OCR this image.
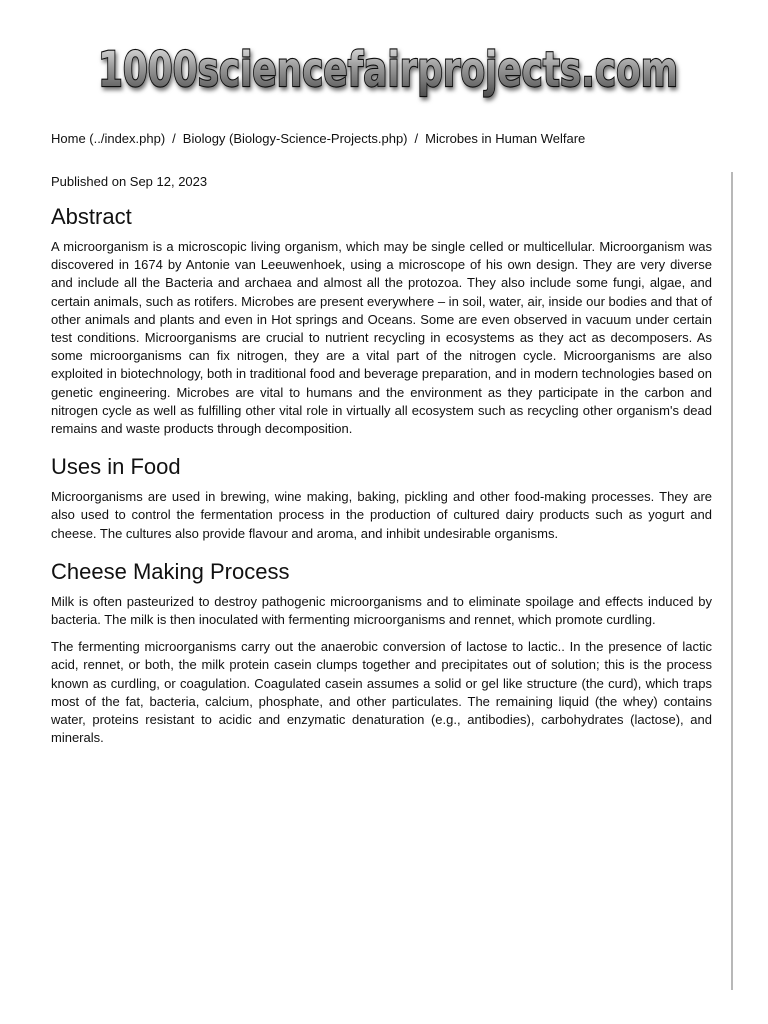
1000sciencefairprojects.com
Home (../index.php) / Biology (Biology-Science-Projects.php) / Microbes in Human Welfare
Published on Sep 12, 2023
Abstract

A microorganism is a microscopic living organism, which may be single celled or multicellular. Microorganism was discovered in 1674 by Antonie van Leeuwenhoek, using a microscope of his own design. They are very diverse and include all the Bacteria and archaea and almost all the protozoa. They also include some fungi, algae, and certain animals, such as rotifers. Microbes are present everywhere – in soil, water, air, inside our bodies and that of other animals and plants and even in Hot springs and Oceans. Some are even observed in vacuum under certain test conditions. Microorganisms are crucial to nutrient recycling in ecosystems as they act as decomposers. As some microorganisms can fix nitrogen, they are a vital part of the nitrogen cycle. Microorganisms are also exploited in biotechnology, both in traditional food and beverage preparation, and in modern technologies based on genetic engineering. Microbes are vital to humans and the environment as they participate in the carbon and nitrogen cycle as well as fulfilling other vital role in virtually all ecosystem such as recycling other organism's dead remains and waste products through decomposition.

Uses in Food

Microorganisms are used in brewing, wine making, baking, pickling and other food-making processes. They are also used to control the fermentation process in the production of cultured dairy products such as yogurt and cheese. The cultures also provide flavour and aroma, and inhibit undesirable organisms.

Cheese Making Process

Milk is often pasteurized to destroy pathogenic microorganisms and to eliminate spoilage and effects induced by bacteria. The milk is then inoculated with fermenting microorganisms and rennet, which promote curdling.

The fermenting microorganisms carry out the anaerobic conversion of lactose to lactic.. In the presence of lactic acid, rennet, or both, the milk protein casein clumps together and precipitates out of solution; this is the process known as curdling, or coagulation. Coagulated casein assumes a solid or gel like structure (the curd), which traps most of the fat, bacteria, calcium, phosphate, and other particulates. The remaining liquid (the whey) contains water, proteins resistant to acidic and enzymatic denaturation (e.g., antibodies), carbohydrates (lactose), and minerals.
